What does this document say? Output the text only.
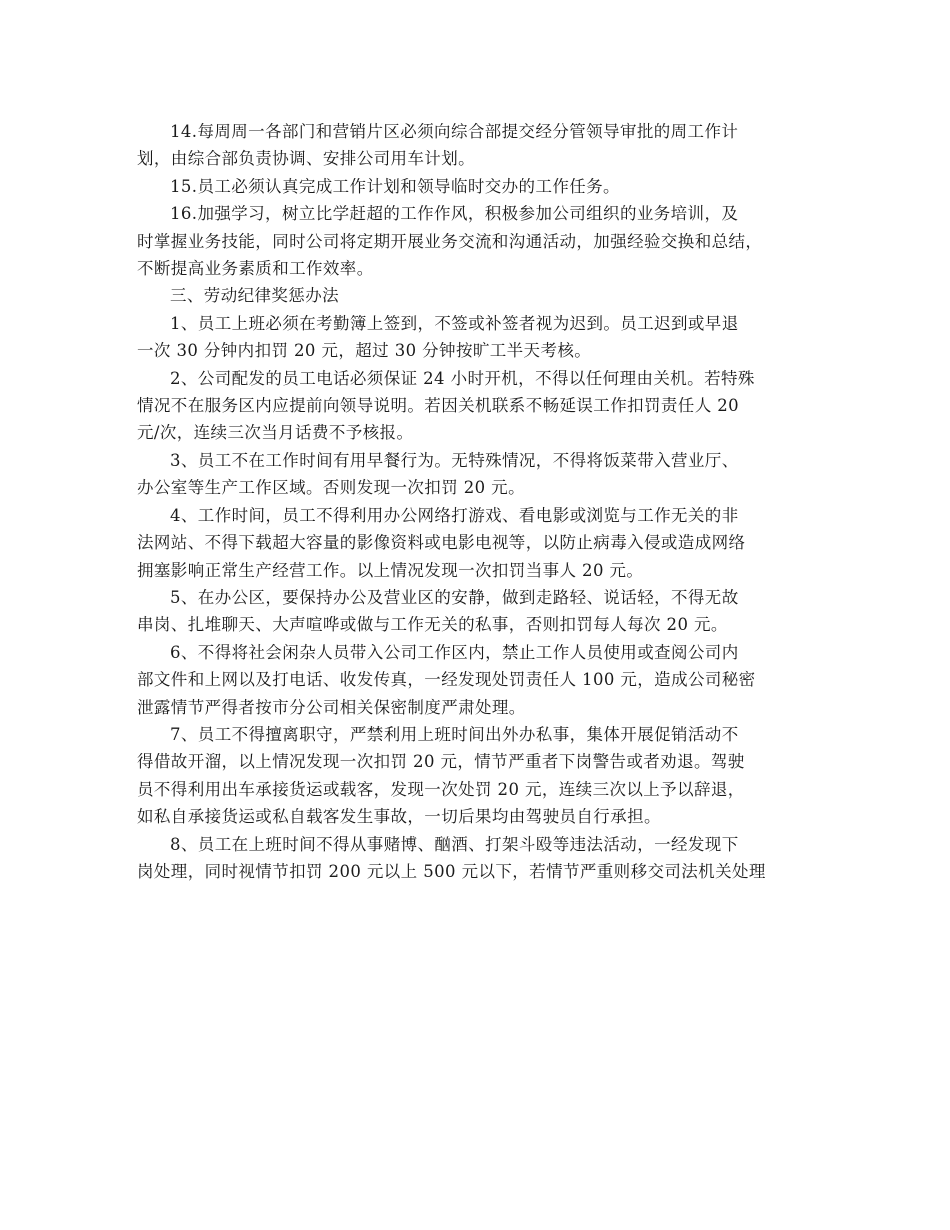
14.每周周一各部门和营销片区必须向综合部提交经分管领导审批的周工作计
划，由综合部负责协调、安排公司用车计划。

15.员工必须认真完成工作计划和领导临时交办的工作任务。

16.加强学习，树立比学赶超的工作作风，积极参加公司组织的业务培训，及
时掌握业务技能，同时公司将定期开展业务交流和沟通活动，加强经验交换和总结，
不断提高业务素质和工作效率。

三、劳动纪律奖惩办法

1、员工上班必须在考勤簿上签到，不签或补签者视为迟到。员工迟到或早退
一次 30 分钟内扣罚 20 元，超过 30 分钟按旷工半天考核。

2、公司配发的员工电话必须保证 24 小时开机，不得以任何理由关机。若特殊
情况不在服务区内应提前向领导说明。若因关机联系不畅延误工作扣罚责任人 20
元/次，连续三次当月话费不予核报。

3、员工不在工作时间有用早餐行为。无特殊情况，不得将饭菜带入营业厅、
办公室等生产工作区域。否则发现一次扣罚 20 元。

4、工作时间，员工不得利用办公网络打游戏、看电影或浏览与工作无关的非
法网站、不得下载超大容量的影像资料或电影电视等，以防止病毒入侵或造成网络
拥塞影响正常生产经营工作。以上情况发现一次扣罚当事人 20 元。

5、在办公区，要保持办公及营业区的安静，做到走路轻、说话轻，不得无故
串岗、扎堆聊天、大声喧哗或做与工作无关的私事，否则扣罚每人每次 20 元。

6、不得将社会闲杂人员带入公司工作区内，禁止工作人员使用或查阅公司内
部文件和上网以及打电话、收发传真，一经发现处罚责任人 100 元，造成公司秘密
泄露情节严得者按市分公司相关保密制度严肃处理。

7、员工不得擅离职守，严禁利用上班时间出外办私事，集体开展促销活动不
得借故开溜，以上情况发现一次扣罚 20 元，情节严重者下岗警告或者劝退。驾驶
员不得利用出车承接货运或载客，发现一次处罚 20 元，连续三次以上予以辞退，
如私自承接货运或私自载客发生事故，一切后果均由驾驶员自行承担。

8、员工在上班时间不得从事赌博、酗酒、打架斗殴等违法活动，一经发现下
岗处理，同时视情节扣罚 200 元以上 500 元以下，若情节严重则移交司法机关处理
